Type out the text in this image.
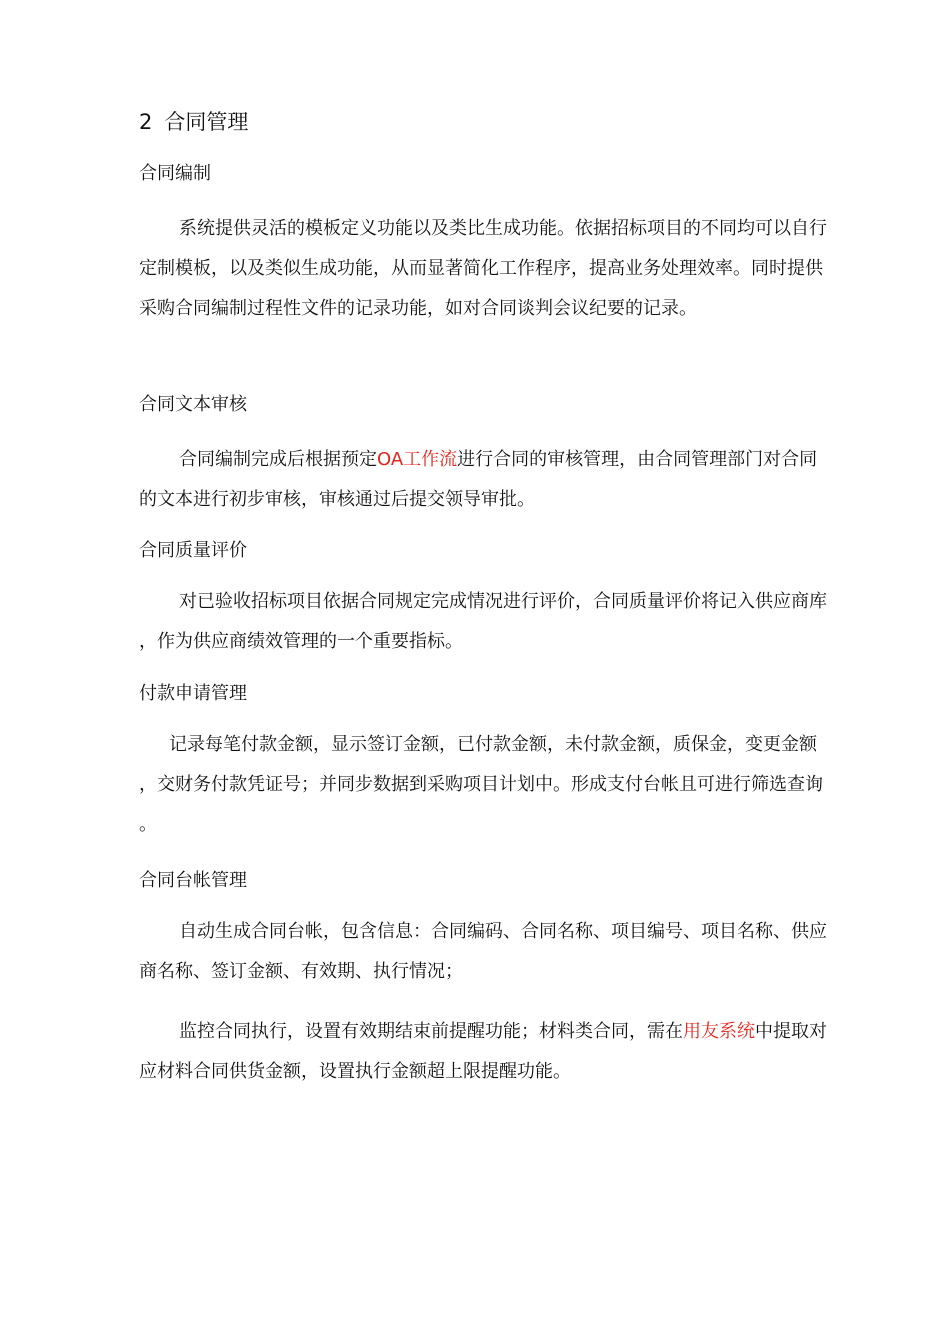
2 合同管理
合同编制
系统提供灵活的模板定义功能以及类比生成功能。依据招标项目的不同均可以自行定制模板，以及类似生成功能，从而显著简化工作程序，提高业务处理效率。同时提供采购合同编制过程性文件的记录功能，如对合同谈判会议纪要的记录。
合同文本审核
合同编制完成后根据预定OA工作流进行合同的审核管理，由合同管理部门对合同的文本进行初步审核，审核通过后提交领导审批。
合同质量评价
对已验收招标项目依据合同规定完成情况进行评价，合同质量评价将记入供应商库，作为供应商绩效管理的一个重要指标。
付款申请管理
记录每笔付款金额，显示签订金额，已付款金额，未付款金额，质保金，变更金额，交财务付款凭证号；并同步数据到采购项目计划中。形成支付台帐且可进行筛选查询。
合同台帐管理
自动生成合同台帐，包含信息：合同编码、合同名称、项目编号、项目名称、供应商名称、签订金额、有效期、执行情况；
监控合同执行，设置有效期结束前提醒功能；材料类合同，需在用友系统中提取对应材料合同供货金额，设置执行金额超上限提醒功能。
